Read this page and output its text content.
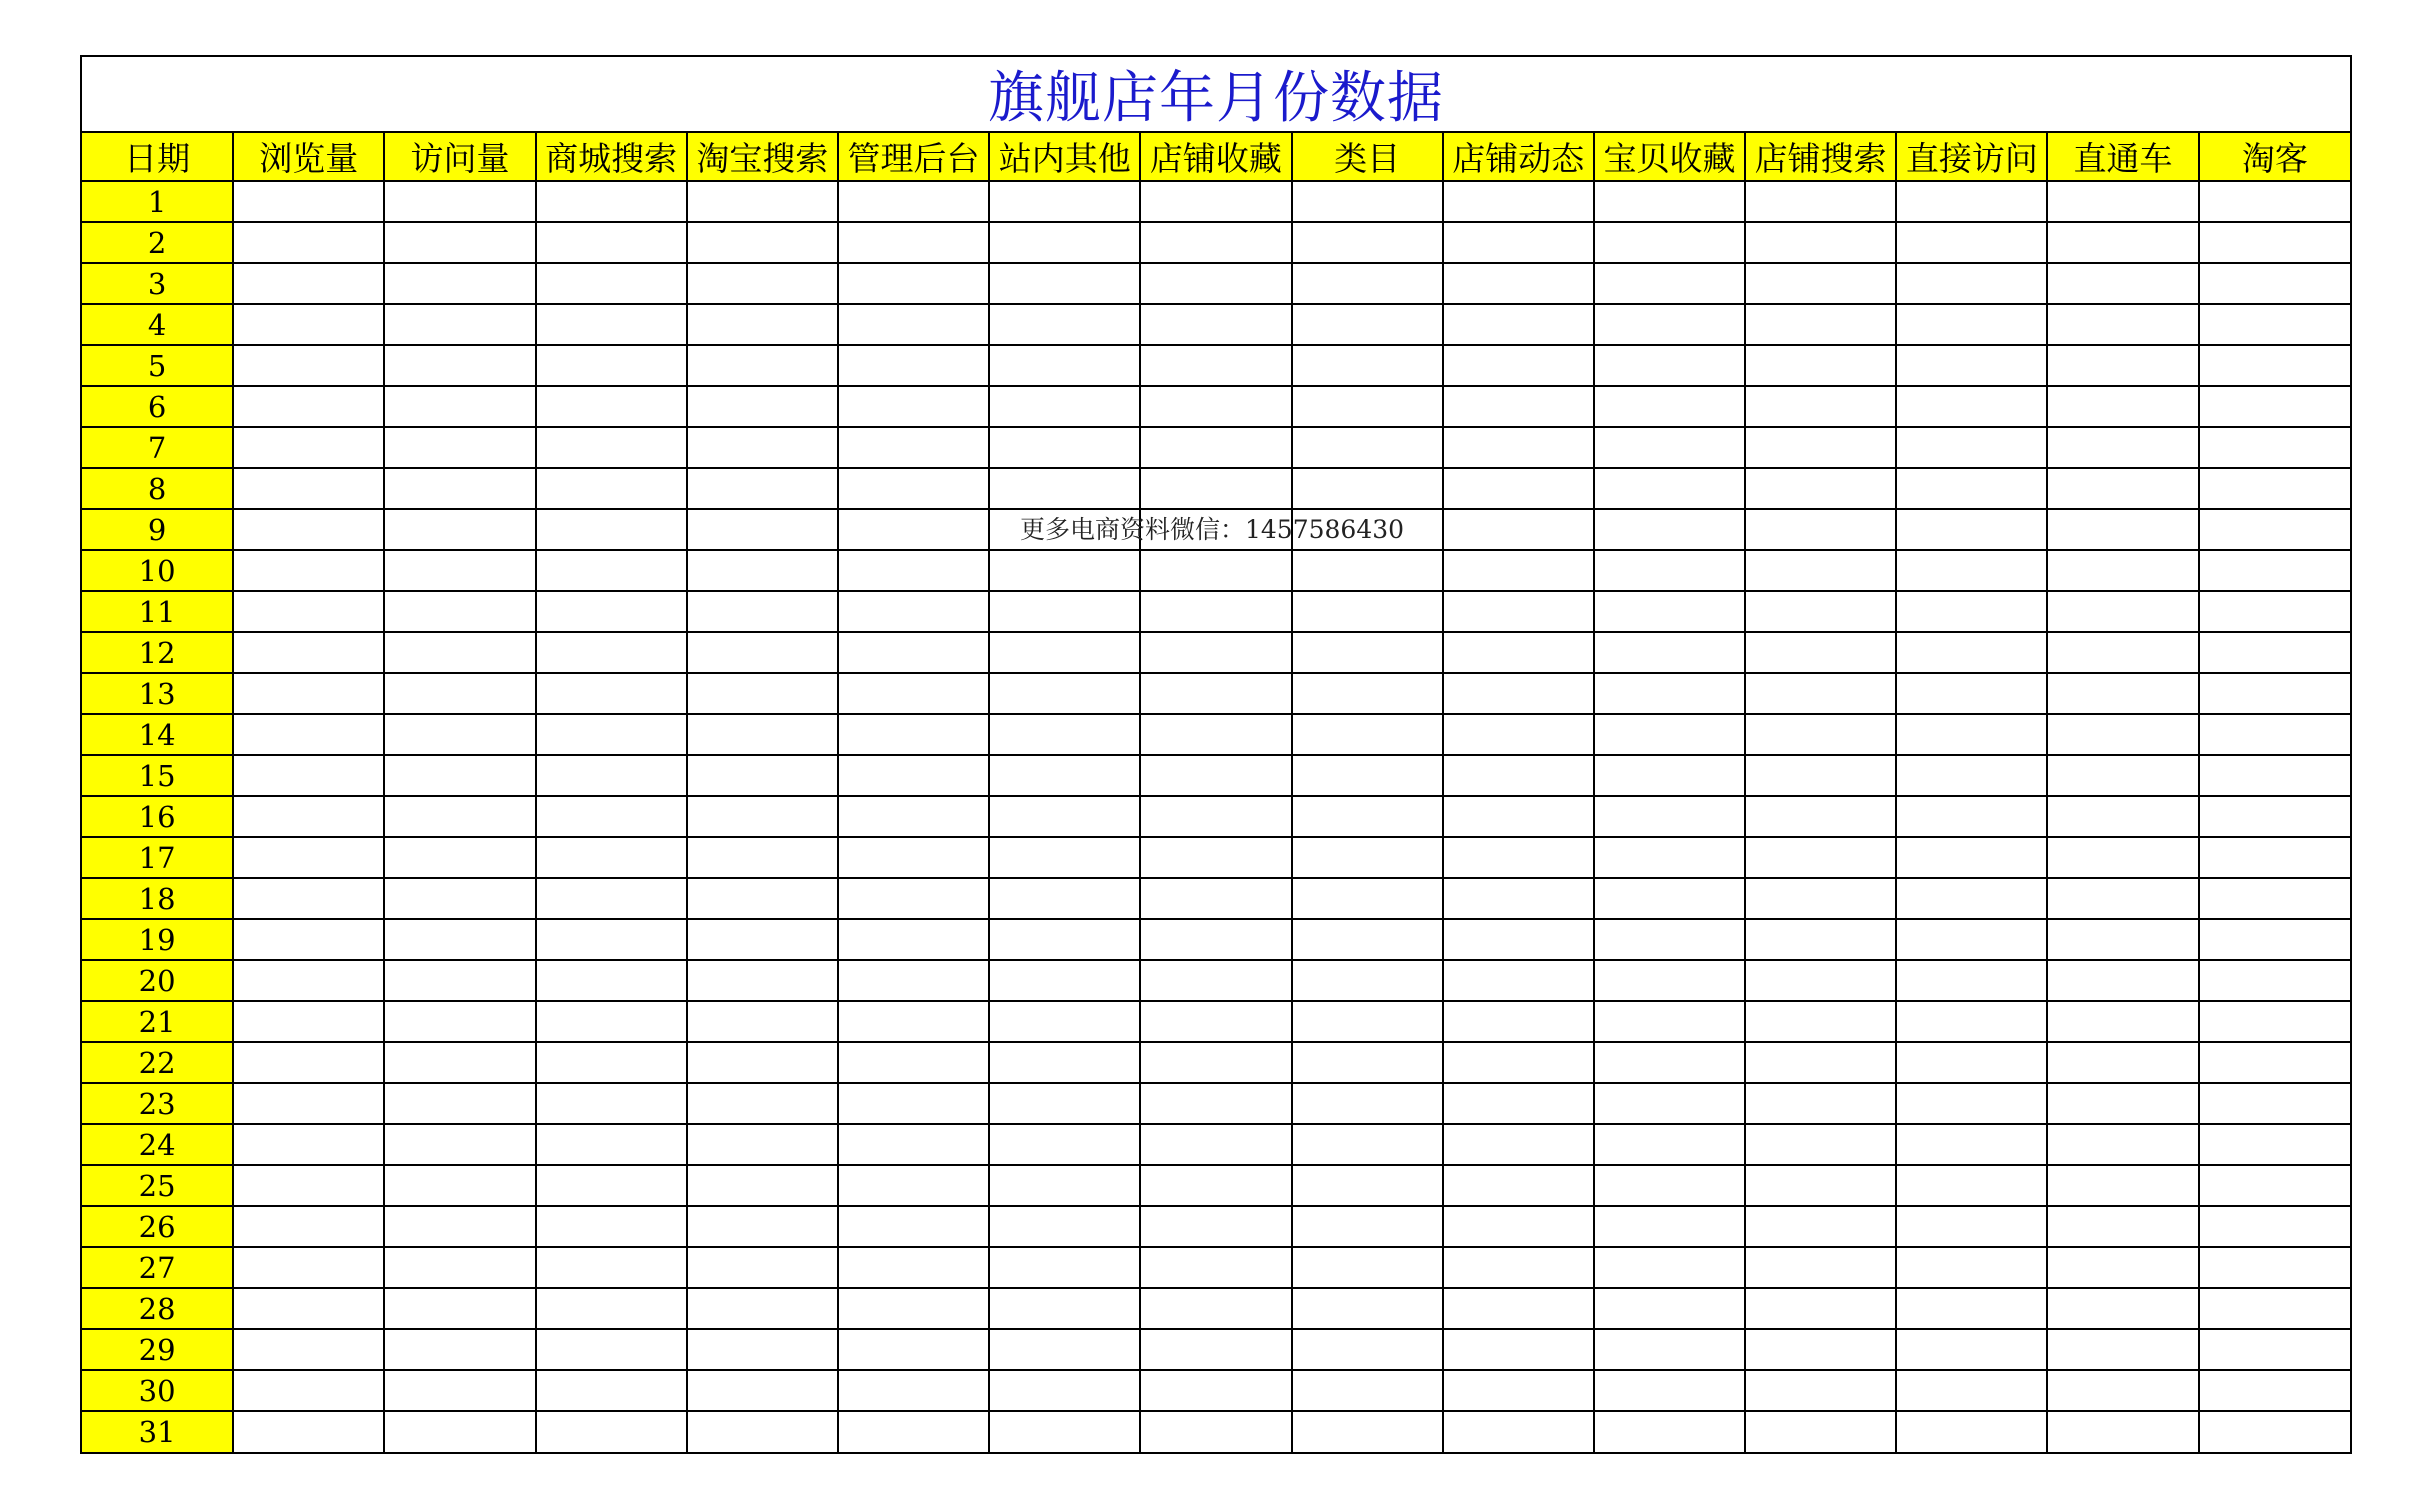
旗舰店年月份数据
日期	浏览量	访问量	商城搜索	淘宝搜索	管理后台	站内其他	店铺收藏	类目	店铺动态	宝贝收藏	店铺搜索	直接访问	直通车	淘客
1														
2														
3														
4														
5														
6														
7														
8														
9														
10														
11														
12														
13														
14														
15														
16														
17														
18														
19														
20														
21														
22														
23														
24														
25														
26														
27														
28														
29														
30														
31														
更多电商资料微信：1457586430
